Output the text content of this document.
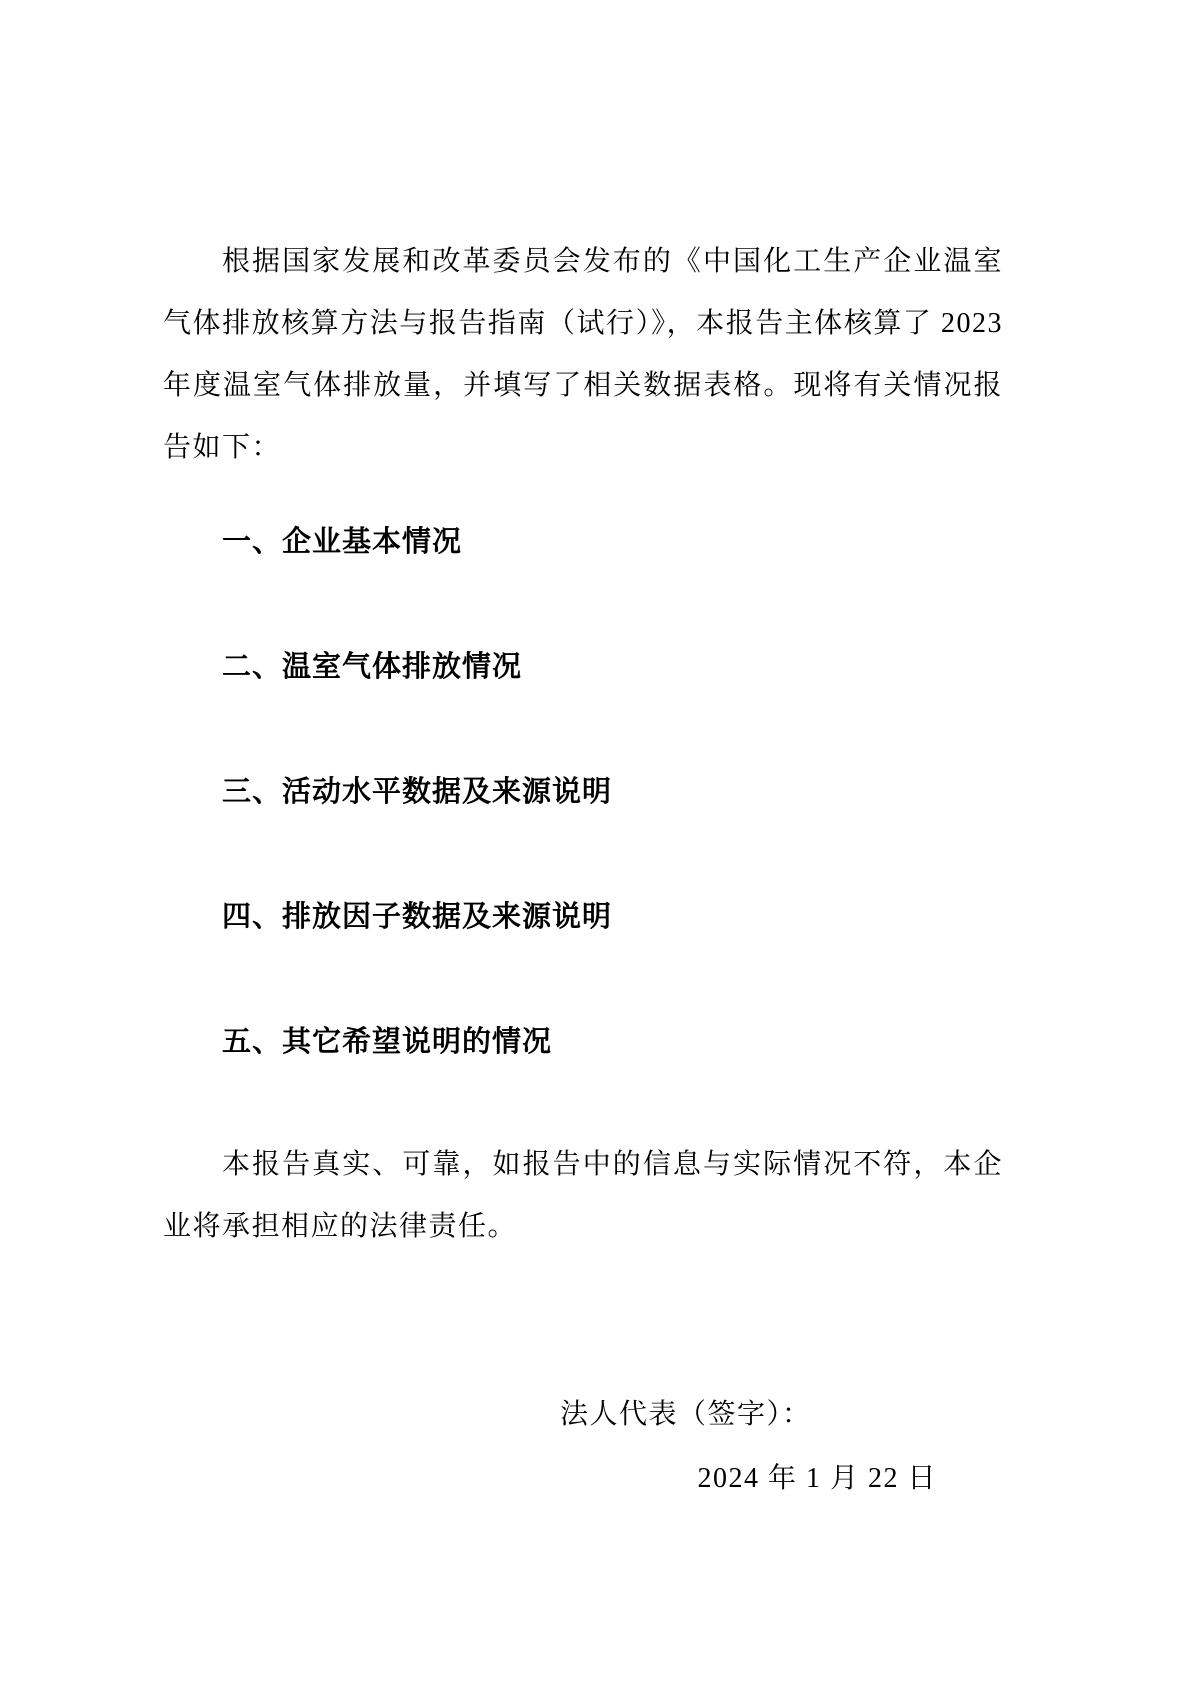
根据国家发展和改革委员会发布的《中国化工生产企业温室气体排放核算方法与报告指南（试行）》，本报告主体核算了 2023 年度温室气体排放量，并填写了相关数据表格。现将有关情况报告如下：

一、企业基本情况
二、温室气体排放情况
三、活动水平数据及来源说明
四、排放因子数据及来源说明
五、其它希望说明的情况

本报告真实、可靠，如报告中的信息与实际情况不符，本企业将承担相应的法律责任。

法人代表（签字）：

2024 年 1 月 22 日
